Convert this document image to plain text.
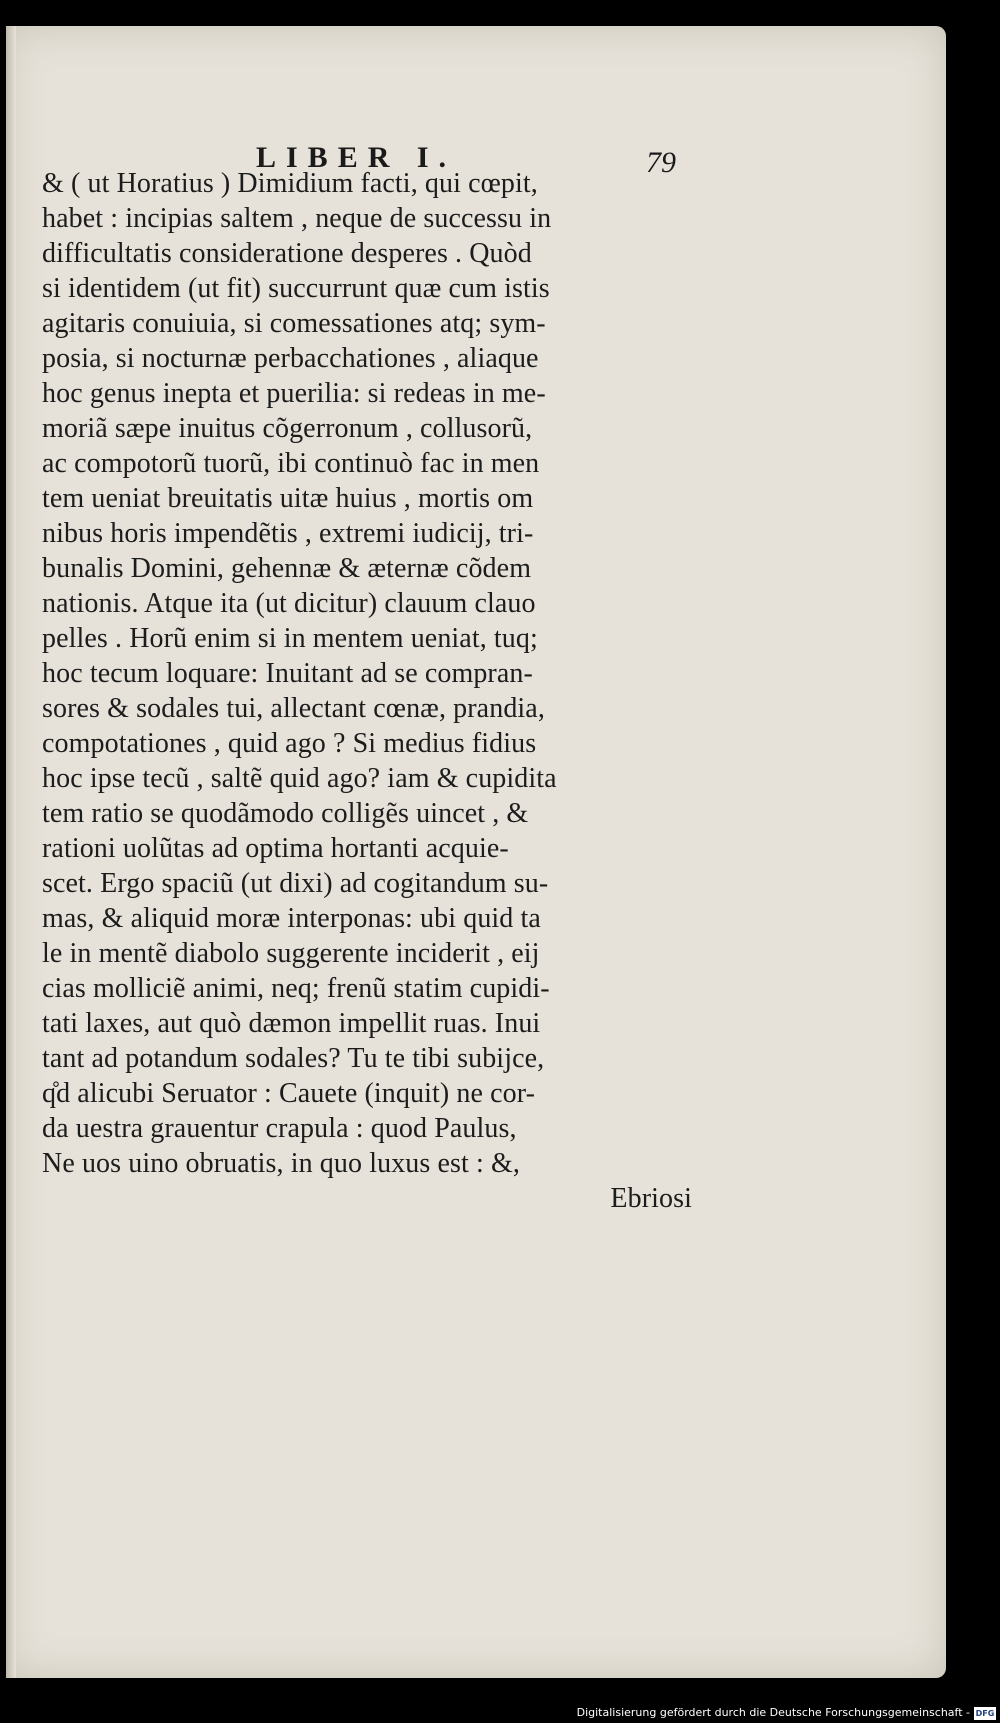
LIBER I.	79
& ( ut Horatius ) Dimidium facti, qui cœpit,
habet : incipias saltem , neque de successu in
difficultatis consideratione desperes . Quòd
si identidem (ut fit) succurrunt quæ cum istis
agitaris conuiuia, si comessationes atq; sym-
posia, si nocturnæ perbacchationes , aliaque
hoc genus inepta et puerilia: si redeas in me-
moriã sæpe inuitus cõgerronum , collusorũ,
ac compotorũ tuorũ, ibi continuò fac in men
tem ueniat breuitatis uitæ huius , mortis om
nibus horis impendẽtis , extremi iudicij, tri-
bunalis Domini, gehennæ & æternæ cõdem
nationis. Atque ita (ut dicitur) clauum clauo
pelles . Horũ enim si in mentem ueniat, tuq;
hoc tecum loquare: Inuitant ad se compran-
sores & sodales tui, allectant cœnæ, prandia,
compotationes , quid ago ? Si medius fidius
hoc ipse tecũ , saltẽ quid ago? iam & cupidita
tem ratio se quodãmodo colligẽs uincet , &
rationi uolũtas ad optima hortanti acquie-
scet. Ergo spaciũ (ut dixi) ad cogitandum su-
mas, & aliquid moræ interponas: ubi quid ta
le in mentẽ diabolo suggerente inciderit , eij
cias molliciẽ animi, neq; frenũ statim cupidi-
tati laxes, aut quò dæmon impellit ruas. Inui
tant ad potandum sodales? Tu te tibi subijce,
q̊d alicubi Seruator : Cauete (inquit) ne cor-
da uestra grauentur crapula : quod Paulus,
Ne uos uino obruatis, in quo luxus est : &,
Ebriosi
Digitalisierung gefördert durch die Deutsche Forschungsgemeinschaft - DFG
